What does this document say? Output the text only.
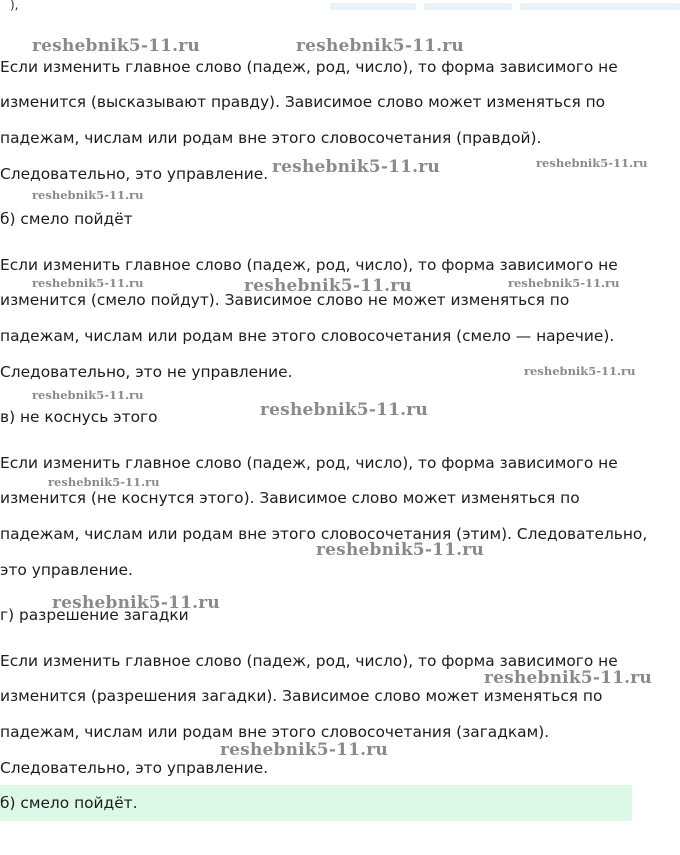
),
Если изменить главное слово (падеж, род, число), то форма зависимого не
изменится (высказывают правду). Зависимое слово может изменяться по
падежам, числам или родам вне этого словосочетания (правдой).
Следовательно, это управление.
б) смело пойдёт
Если изменить главное слово (падеж, род, число), то форма зависимого не
изменится (смело пойдут). Зависимое слово не может изменяться по
падежам, числам или родам вне этого словосочетания (смело — наречие).
Следовательно, это не управление.
в) не коснусь этого
Если изменить главное слово (падеж, род, число), то форма зависимого не
изменится (не коснутся этого). Зависимое слово может изменяться по
падежам, числам или родам вне этого словосочетания (этим). Следовательно,
это управление.
г) разрешение загадки
Если изменить главное слово (падеж, род, число), то форма зависимого не
изменится (разрешения загадки). Зависимое слово может изменяться по
падежам, числам или родам вне этого словосочетания (загадкам).
Следовательно, это управление.
б) смело пойдёт.
reshebnik5-11.ru	reshebnik5-11.ru
reshebnik5-11.ru	reshebnik5-11.ru
reshebnik5-11.ru
reshebnik5-11.ru	reshebnik5-11.ru	reshebnik5-11.ru
reshebnik5-11.ru
reshebnik5-11.ru
reshebnik5-11.ru
reshebnik5-11.ru
reshebnik5-11.ru
reshebnik5-11.ru
reshebnik5-11.ru
reshebnik5-11.ru
